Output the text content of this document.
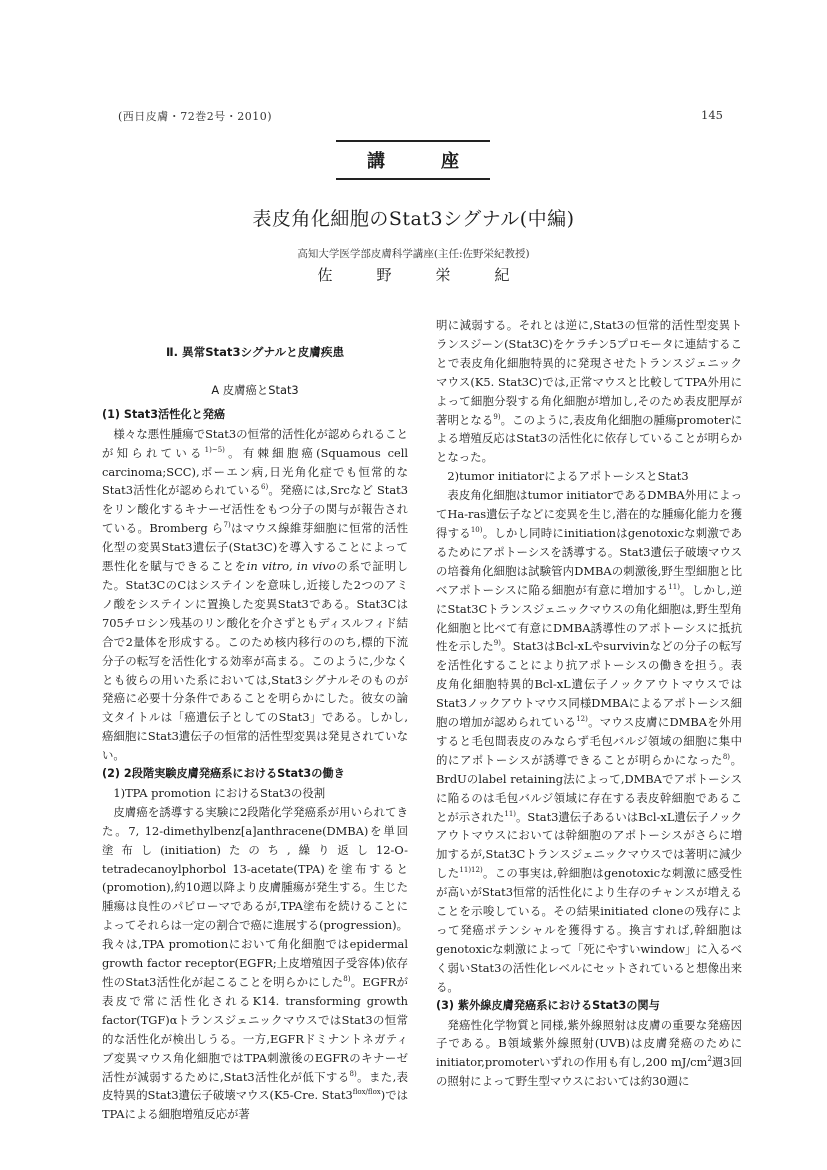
(西日皮膚・72巻2号・2010)	145
講座
表皮角化細胞のStat3シグナル(中編)
高知大学医学部皮膚科学講座(主任:佐野栄紀教授)
佐野栄紀
Ⅱ. 異常Stat3シグナルと皮膚疾患
A 皮膚癌とStat3
(1) Stat3活性化と発癌

様々な悪性腫瘍でStat3の恒常的活性化が認められることが知られている$^{1)\sim 5)}$。有棘細胞癌(Squamous cell carcinoma;SCC),ボーエン病,日光角化症でも恒常的なStat3活性化が認められている$^{6)}$。発癌には,Srcなど Stat3をリン酸化するキナーゼ活性をもつ分子の関与が報告されている。Bromberg ら$^{7)}$はマウス線維芽細胞に恒常的活性化型の変異Stat3遺伝子(Stat3C)を導入することによって悪性化を賦与できることをin vitro, in vivoの系で証明した。Stat3CのCはシステインを意味し,近接した2つのアミノ酸をシステインに置換した変異Stat3である。Stat3Cは705チロシン残基のリン酸化を介さずともディスルフィド結合で2量体を形成する。このため核内移行ののち,標的下流分子の転写を活性化する効率が高まる。このように,少なくとも彼らの用いた系においては,Stat3シグナルそのものが発癌に必要十分条件であることを明らかにした。彼女の論文タイトルは「癌遺伝子としてのStat3」である。しかし,癌細胞にStat3遺伝子の恒常的活性型変異は発見されていない。

(2) 2段階実験皮膚発癌系におけるStat3の働き
1)TPA promotion におけるStat3の役割

皮膚癌を誘導する実験に2段階化学発癌系が用いられてきた。7, 12-dimethylbenz[a]anthracene(DMBA)を単回塗布し(initiation)たのち,繰り返し12-O-tetradecanoylphorbol 13-acetate(TPA)を塗布すると(promotion),約10週以降より皮膚腫瘍が発生する。生じた腫瘍は良性のパピローマであるが,TPA塗布を続けることによってそれらは一定の割合で癌に進展する(progression)。我々は,TPA promotionにおいて角化細胞ではepidermal growth factor receptor(EGFR;上皮増殖因子受容体)依存性のStat3活性化が起こることを明らかにした$^{8)}$。EGFRが表皮で常に活性化されるK14. transforming growth factor(TGF)αトランスジェニックマウスではStat3の恒常的な活性化が検出しうる。一方,EGFRドミナントネガティブ変異マウス角化細胞ではTPA刺激後のEGFRのキナーゼ活性が減弱するために,Stat3活性化が低下する$^{8)}$。また,表皮特異的Stat3遺伝子破壊マウス(K5-Cre. $Stat3^{flox/flox}$)ではTPAによる細胞増殖反応が著

明に減弱する。それとは逆に,Stat3の恒常的活性型変異トランスジーン(Stat3C)をケラチン5プロモータに連結することで表皮角化細胞特異的に発現させたトランスジェニックマウス(K5. Stat3C)では,正常マウスと比較してTPA外用によって細胞分裂する角化細胞が増加し,そのため表皮肥厚が著明となる$^{9)}$。このように,表皮角化細胞の腫瘍promoterによる増殖反応はStat3の活性化に依存していることが明らかとなった。

2)tumor initiatorによるアポトーシスとStat3

表皮角化細胞はtumor initiatorであるDMBA外用によってHa-ras遺伝子などに変異を生じ,潜在的な腫瘍化能力を獲得する$^{10)}$。しかし同時にinitiationはgenotoxicな刺激であるためにアポトーシスを誘導する。Stat3遺伝子破壊マウスの培養角化細胞は試験管内DMBAの刺激後,野生型細胞と比べアポトーシスに陥る細胞が有意に増加する$^{11)}$。しかし,逆にStat3Cトランスジェニックマウスの角化細胞は,野生型角化細胞と比べて有意にDMBA誘導性のアポトーシスに抵抗性を示した$^{9)}$。Stat3はBcl-xLやsurvivinなどの分子の転写を活性化することにより抗アポトーシスの働きを担う。表皮角化細胞特異的Bcl-xL遺伝子ノックアウトマウスではStat3ノックアウトマウス同様DMBAによるアポトーシス細胞の増加が認められている$^{12)}$。マウス皮膚にDMBAを外用すると毛包間表皮のみならず毛包バルジ領域の細胞に集中的にアポトーシスが誘導できることが明らかになった$^{8)}$。BrdUのlabel retaining法によって,DMBAでアポトーシスに陥るのは毛包バルジ領域に存在する表皮幹細胞であることが示された$^{11)}$。Stat3遺伝子あるいはBcl-xL遺伝子ノックアウトマウスにおいては幹細胞のアポトーシスがさらに増加するが,Stat3Cトランスジェニックマウスでは著明に減少した$^{11)12)}$。この事実は,幹細胞はgenotoxicな刺激に感受性が高いがStat3恒常的活性化により生存のチャンスが増えることを示唆している。その結果initiated cloneの残存によって発癌ポテンシャルを獲得する。換言すれば,幹細胞はgenotoxicな刺激によって「死にやすいwindow」に入るべく弱いStat3の活性化レベルにセットされていると想像出来る。

(3) 紫外線皮膚発癌系におけるStat3の関与

発癌性化学物質と同様,紫外線照射は皮膚の重要な発癌因子である。B領域紫外線照射(UVB)は皮膚発癌のためにinitiator,promoterいずれの作用も有し,200 $mJ/cm^2$週3回の照射によって野生型マウスにおいては約30週に
